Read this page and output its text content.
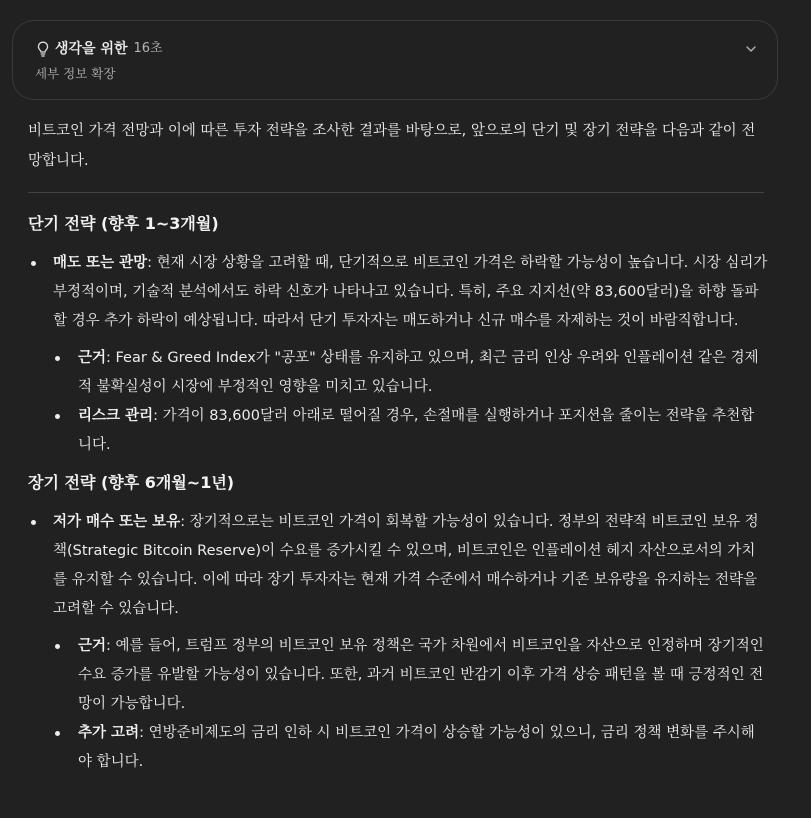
생각을 위한 16초
세부 정보 확장

비트코인 가격 전망과 이에 따른 투자 전략을 조사한 결과를 바탕으로, 앞으로의 단기 및 장기 전략을 다음과 같이 전망합니다.

단기 전략 (향후 1~3개월)
매도 또는 관망: 현재 시장 상황을 고려할 때, 단기적으로 비트코인 가격은 하락할 가능성이 높습니다. 시장 심리가 부정적이며, 기술적 분석에서도 하락 신호가 나타나고 있습니다. 특히, 주요 지지선(약 83,600달러)을 하향 돌파할 경우 추가 하락이 예상됩니다. 따라서 단기 투자자는 매도하거나 신규 매수를 자제하는 것이 바람직합니다.
근거: Fear & Greed Index가 "공포" 상태를 유지하고 있으며, 최근 금리 인상 우려와 인플레이션 같은 경제적 불확실성이 시장에 부정적인 영향을 미치고 있습니다.
리스크 관리: 가격이 83,600달러 아래로 떨어질 경우, 손절매를 실행하거나 포지션을 줄이는 전략을 추천합니다.
장기 전략 (향후 6개월~1년)
저가 매수 또는 보유: 장기적으로는 비트코인 가격이 회복할 가능성이 있습니다. 정부의 전략적 비트코인 보유 정책(Strategic Bitcoin Reserve)이 수요를 증가시킬 수 있으며, 비트코인은 인플레이션 헤지 자산으로서의 가치를 유지할 수 있습니다. 이에 따라 장기 투자자는 현재 가격 수준에서 매수하거나 기존 보유량을 유지하는 전략을 고려할 수 있습니다.
근거: 예를 들어, 트럼프 정부의 비트코인 보유 정책은 국가 차원에서 비트코인을 자산으로 인정하며 장기적인 수요 증가를 유발할 가능성이 있습니다. 또한, 과거 비트코인 반감기 이후 가격 상승 패턴을 볼 때 긍정적인 전망이 가능합니다.
추가 고려: 연방준비제도의 금리 인하 시 비트코인 가격이 상승할 가능성이 있으니, 금리 정책 변화를 주시해야 합니다.
